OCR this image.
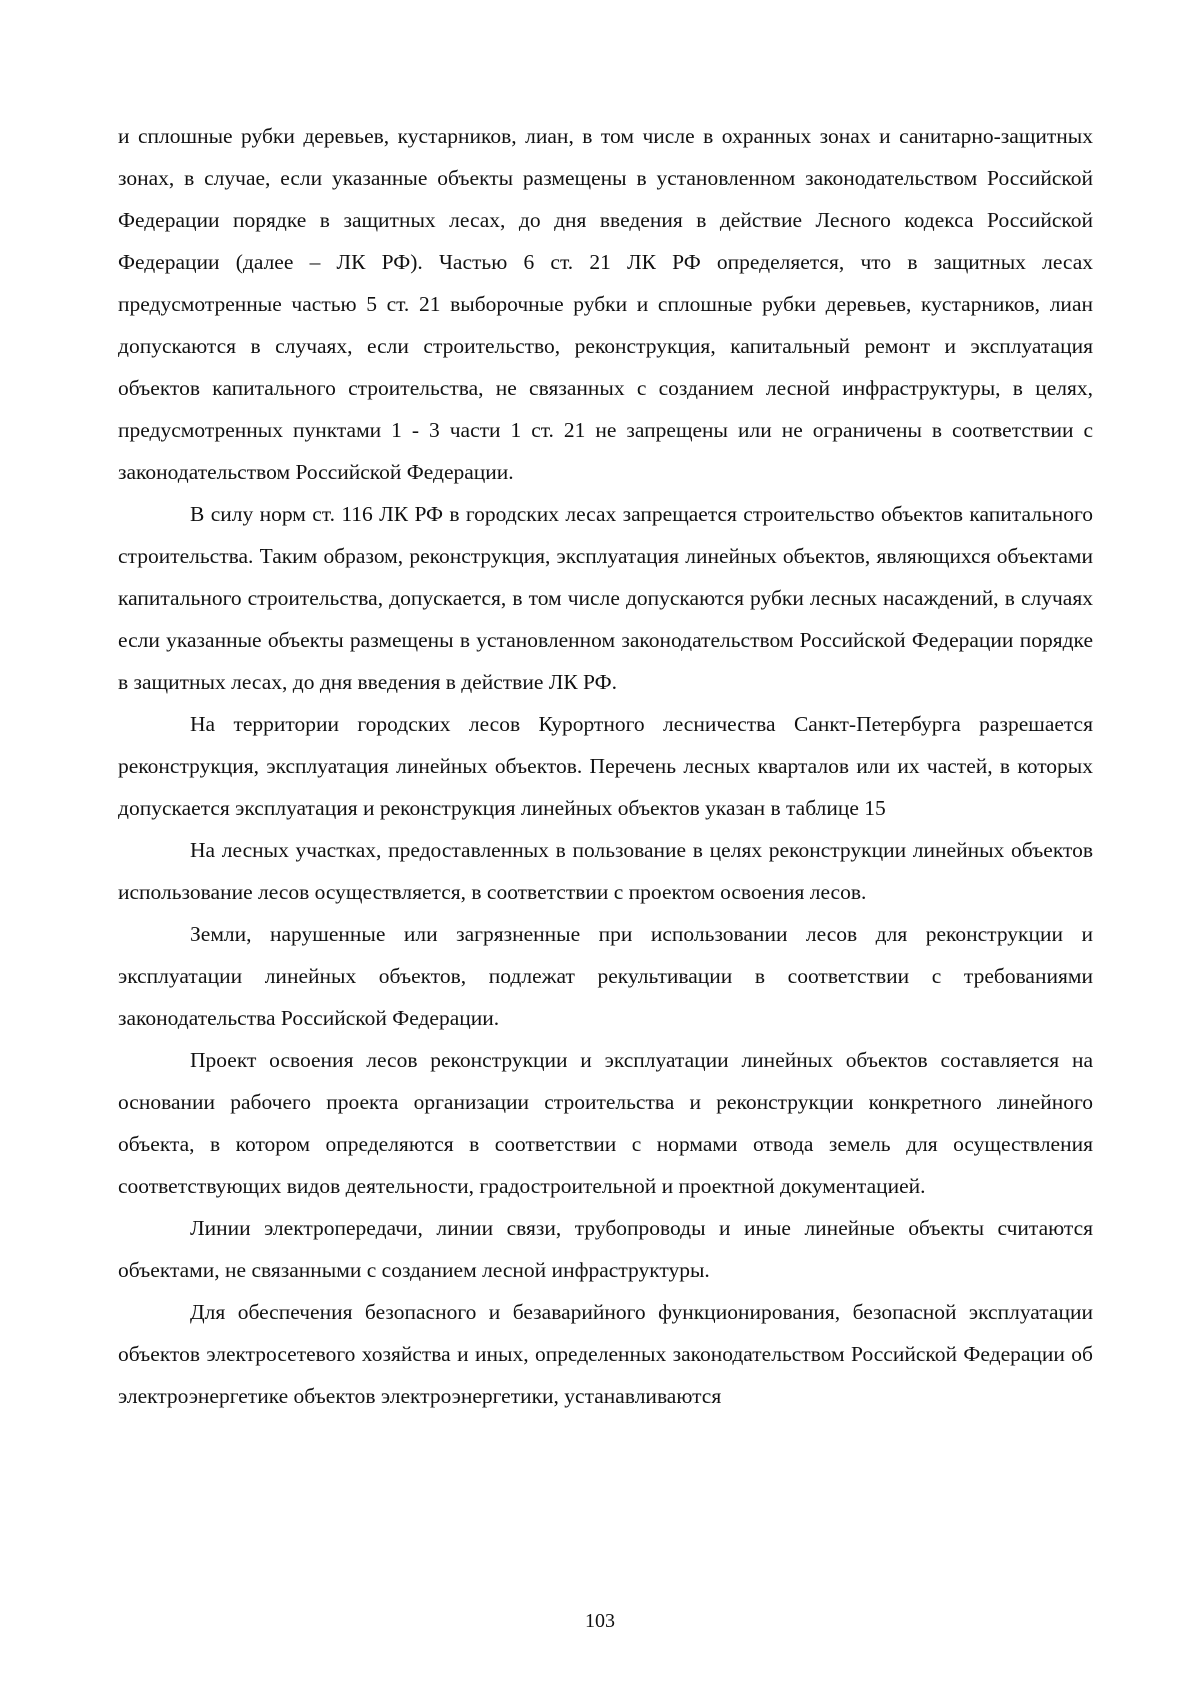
и сплошные рубки деревьев, кустарников, лиан, в том числе в охранных зонах и санитарно-защитных зонах, в случае, если указанные объекты размещены в установленном законодательством Российской Федерации порядке в защитных лесах, до дня введения в действие Лесного кодекса Российской Федерации (далее – ЛК РФ). Частью 6 ст. 21 ЛК РФ определяется, что в защитных лесах предусмотренные частью 5 ст. 21 выборочные рубки и сплошные рубки деревьев, кустарников, лиан допускаются в случаях, если строительство, реконструкция, капитальный ремонт и эксплуатация объектов капитального строительства, не связанных с созданием лесной инфраструктуры, в целях, предусмотренных пунктами 1 - 3 части 1 ст. 21 не запрещены или не ограничены в соответствии с законодательством Российской Федерации.

В силу норм ст. 116 ЛК РФ в городских лесах запрещается строительство объектов капитального строительства. Таким образом, реконструкция, эксплуатация линейных объектов, являющихся объектами капитального строительства, допускается, в том числе допускаются рубки лесных насаждений, в случаях если указанные объекты размещены в установленном законодательством Российской Федерации порядке в защитных лесах, до дня введения в действие ЛК РФ.

На территории городских лесов Курортного лесничества Санкт-Петербурга разрешается реконструкция, эксплуатация линейных объектов. Перечень лесных кварталов или их частей, в которых допускается эксплуатация и реконструкция линейных объектов указан в таблице 15

На лесных участках, предоставленных в пользование в целях реконструкции линейных объектов использование лесов осуществляется, в соответствии с проектом освоения лесов.

Земли, нарушенные или загрязненные при использовании лесов для реконструкции и эксплуатации линейных объектов, подлежат рекультивации в соответствии с требованиями законодательства Российской Федерации.

Проект освоения лесов реконструкции и эксплуатации линейных объектов составляется на основании рабочего проекта организации строительства и реконструкции конкретного линейного объекта, в котором определяются в соответствии с нормами отвода земель для осуществления соответствующих видов деятельности, градостроительной и проектной документацией.

Линии электропередачи, линии связи, трубопроводы и иные линейные объекты считаются объектами, не связанными с созданием лесной инфраструктуры.

Для обеспечения безопасного и безаварийного функционирования, безопасной эксплуатации объектов электросетевого хозяйства и иных, определенных законодательством Российской Федерации об электроэнергетике объектов электроэнергетики, устанавливаются

103
